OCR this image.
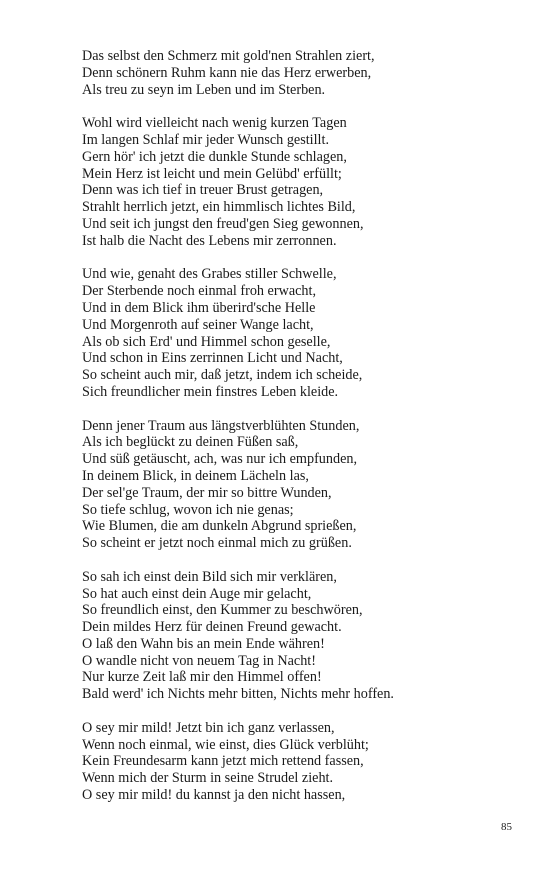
Das selbst den Schmerz mit gold'nen Strahlen ziert,
Denn schönern Ruhm kann nie das Herz erwerben,
Als treu zu seyn im Leben und im Sterben.
Wohl wird vielleicht nach wenig kurzen Tagen
Im langen Schlaf mir jeder Wunsch gestillt.
Gern hör' ich jetzt die dunkle Stunde schlagen,
Mein Herz ist leicht und mein Gelübd' erfüllt;
Denn was ich tief in treuer Brust getragen,
Strahlt herrlich jetzt, ein himmlisch lichtes Bild,
Und seit ich jungst den freud'gen Sieg gewonnen,
Ist halb die Nacht des Lebens mir zerronnen.
Und wie, genaht des Grabes stiller Schwelle,
Der Sterbende noch einmal froh erwacht,
Und in dem Blick ihm überird'sche Helle
Und Morgenroth auf seiner Wange lacht,
Als ob sich Erd' und Himmel schon geselle,
Und schon in Eins zerrinnen Licht und Nacht,
So scheint auch mir, daß jetzt, indem ich scheide,
Sich freundlicher mein finstres Leben kleide.
Denn jener Traum aus längstverblühten Stunden,
Als ich beglückt zu deinen Füßen saß,
Und süß getäuscht, ach, was nur ich empfunden,
In deinem Blick, in deinem Lächeln las,
Der sel'ge Traum, der mir so bittre Wunden,
So tiefe schlug, wovon ich nie genas;
Wie Blumen, die am dunkeln Abgrund sprießen,
So scheint er jetzt noch einmal mich zu grüßen.
So sah ich einst dein Bild sich mir verklären,
So hat auch einst dein Auge mir gelacht,
So freundlich einst, den Kummer zu beschwören,
Dein mildes Herz für deinen Freund gewacht.
O laß den Wahn bis an mein Ende währen!
O wandle nicht von neuem Tag in Nacht!
Nur kurze Zeit laß mir den Himmel offen!
Bald werd' ich Nichts mehr bitten, Nichts mehr hoffen.
O sey mir mild! Jetzt bin ich ganz verlassen,
Wenn noch einmal, wie einst, dies Glück verblüht;
Kein Freundesarm kann jetzt mich rettend fassen,
Wenn mich der Sturm in seine Strudel zieht.
O sey mir mild! du kannst ja den nicht hassen,
85
